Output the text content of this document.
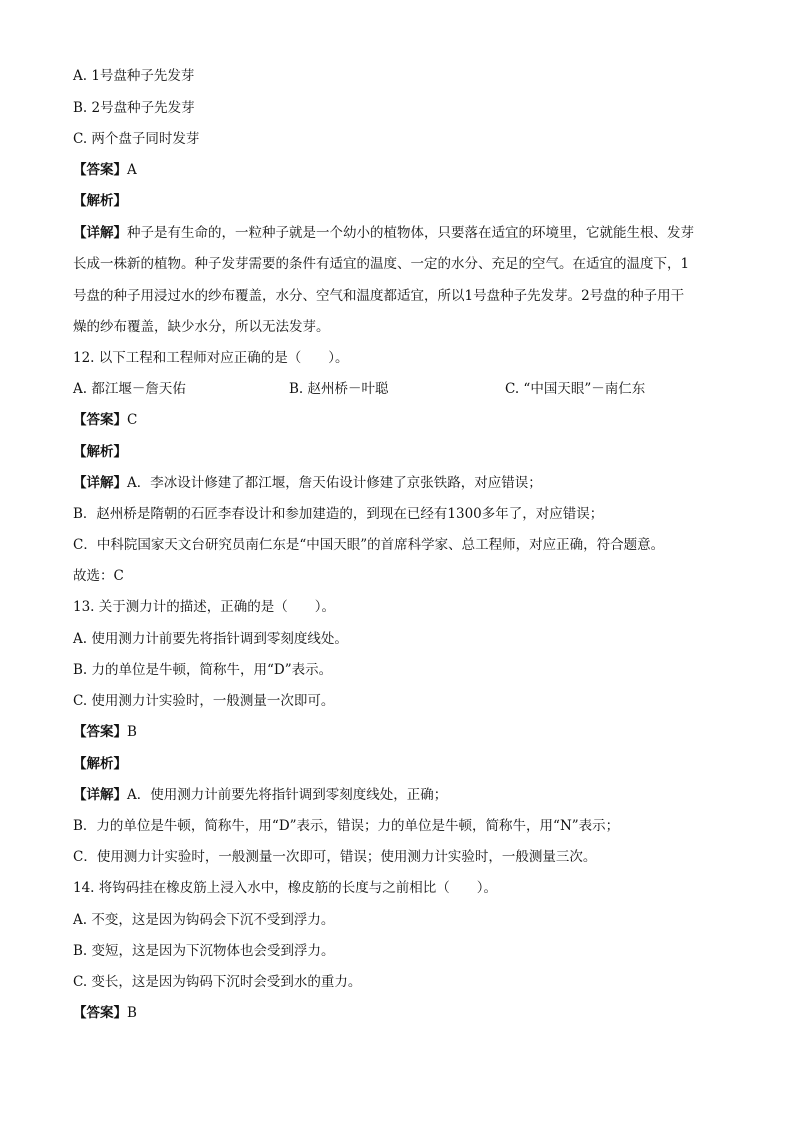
A. 1号盘种子先发芽
B. 2号盘种子先发芽
C. 两个盘子同时发芽
【答案】A
【解析】
【详解】种子是有生命的，一粒种子就是一个幼小的植物体，只要落在适宜的环境里，它就能生根、发芽
长成一株新的植物。种子发芽需要的条件有适宜的温度、一定的水分、充足的空气。在适宜的温度下，1
号盘的种子用浸过水的纱布覆盖，水分、空气和温度都适宜，所以1号盘种子先发芽。2号盘的种子用干
燥的纱布覆盖，缺少水分，所以无法发芽。
12. 以下工程和工程师对应正确的是（　　）。
A. 都江堰－詹天佑	B. 赵州桥－叶聪	C. “中国天眼”－南仁东
【答案】C
【解析】
【详解】A．李冰设计修建了都江堰，詹天佑设计修建了京张铁路，对应错误；
B．赵州桥是隋朝的石匠李春设计和参加建造的，到现在已经有1300多年了，对应错误；
C．中科院国家天文台研究员南仁东是“中国天眼”的首席科学家、总工程师，对应正确，符合题意。
故选：C
13. 关于测力计的描述，正确的是（　　）。
A. 使用测力计前要先将指针调到零刻度线处。
B. 力的单位是牛顿，简称牛，用“D”表示。
C. 使用测力计实验时，一般测量一次即可。
【答案】B
【解析】
【详解】A．使用测力计前要先将指针调到零刻度线处，正确；
B．力的单位是牛顿，简称牛，用“D”表示，错误；力的单位是牛顿，简称牛，用“N”表示；
C．使用测力计实验时，一般测量一次即可，错误；使用测力计实验时，一般测量三次。
14. 将钩码挂在橡皮筋上浸入水中，橡皮筋的长度与之前相比（　　）。
A. 不变，这是因为钩码会下沉不受到浮力。
B. 变短，这是因为下沉物体也会受到浮力。
C. 变长，这是因为钩码下沉时会受到水的重力。
【答案】B
